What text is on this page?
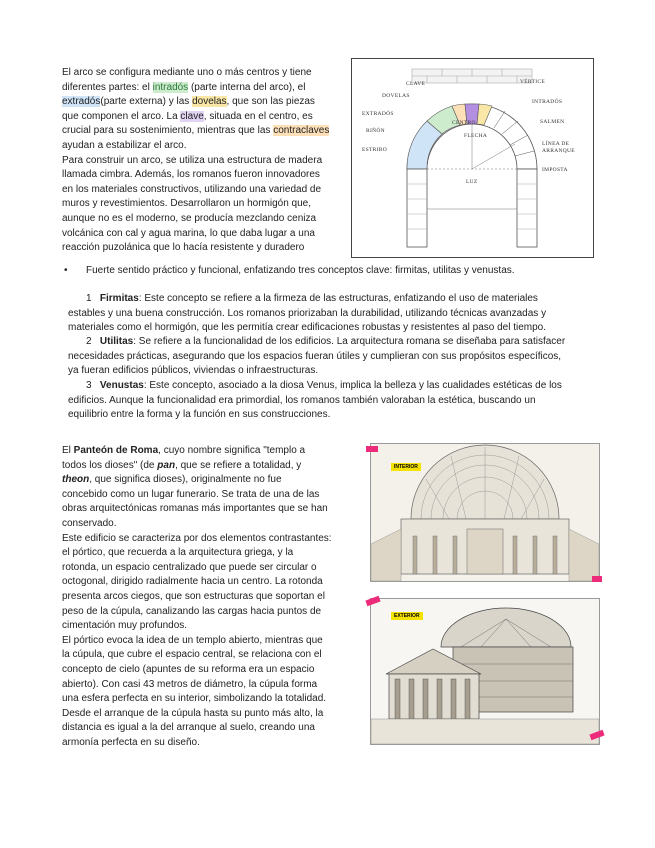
El arco se configura mediante uno o más centros y tiene
diferentes partes: el intradós (parte interna del arco), el
extradós(parte externa) y las dovelas, que son las piezas
que componen el arco. La clave, situada en el centro, es
crucial para su sostenimiento, mientras que las contraclaves
ayudan a estabilizar el arco.
Para construir un arco, se utiliza una estructura de madera
llamada cimbra. Además, los romanos fueron innovadores
en los materiales constructivos, utilizando una variedad de
muros y revestimientos. Desarrollaron un hormigón que,
aunque no es el moderno, se producía mezclando ceniza
volcánica con cal y agua marina, lo que daba lugar a una
reacción puzolánica que lo hacía resistente y duradero
CLAVE
DOVELAS
EXTRADÓS
RIÑÓN
ESTRIBO
VÉRTICE
INTRADÓS
SALMEN
CENTRO
FLECHA
LÍNEA DE
ARRANQUE
IMPOSTA
LUZ
• Fuerte sentido práctico y funcional, enfatizando tres conceptos clave: firmitas, utilitas y venustas.
1 Firmitas: Este concepto se refiere a la firmeza de las estructuras, enfatizando el uso de materiales
estables y una buena construcción. Los romanos priorizaban la durabilidad, utilizando técnicas avanzadas y
materiales como el hormigón, que les permitía crear edificaciones robustas y resistentes al paso del tiempo.
2 Utilitas: Se refiere a la funcionalidad de los edificios. La arquitectura romana se diseñaba para satisfacer
necesidades prácticas, asegurando que los espacios fueran útiles y cumplieran con sus propósitos específicos,
ya fueran edificios públicos, viviendas o infraestructuras.
3 Venustas: Este concepto, asociado a la diosa Venus, implica la belleza y las cualidades estéticas de los
edificios. Aunque la funcionalidad era primordial, los romanos también valoraban la estética, buscando un
equilibrio entre la forma y la función en sus construcciones.
El Panteón de Roma, cuyo nombre significa "templo a
todos los dioses" (de pan, que se refiere a totalidad, y
theon, que significa dioses), originalmente no fue
concebido como un lugar funerario. Se trata de una de las
obras arquitectónicas romanas más importantes que se han
conservado.
Este edificio se caracteriza por dos elementos contrastantes:
el pórtico, que recuerda a la arquitectura griega, y la
rotonda, un espacio centralizado que puede ser circular o
octogonal, dirigido radialmente hacia un centro. La rotonda
presenta arcos ciegos, que son estructuras que soportan el
peso de la cúpula, canalizando las cargas hacia puntos de
cimentación muy profundos.
El pórtico evoca la idea de un templo abierto, mientras que
la cúpula, que cubre el espacio central, se relaciona con el
concepto de cielo (apuntes de su reforma era un espacio
abierto). Con casi 43 metros de diámetro, la cúpula forma
una esfera perfecta en su interior, simbolizando la totalidad.
Desde el arranque de la cúpula hasta su punto más alto, la
distancia es igual a la del arranque al suelo, creando una
armonía perfecta en su diseño.
INTERIOR
EXTERIOR
